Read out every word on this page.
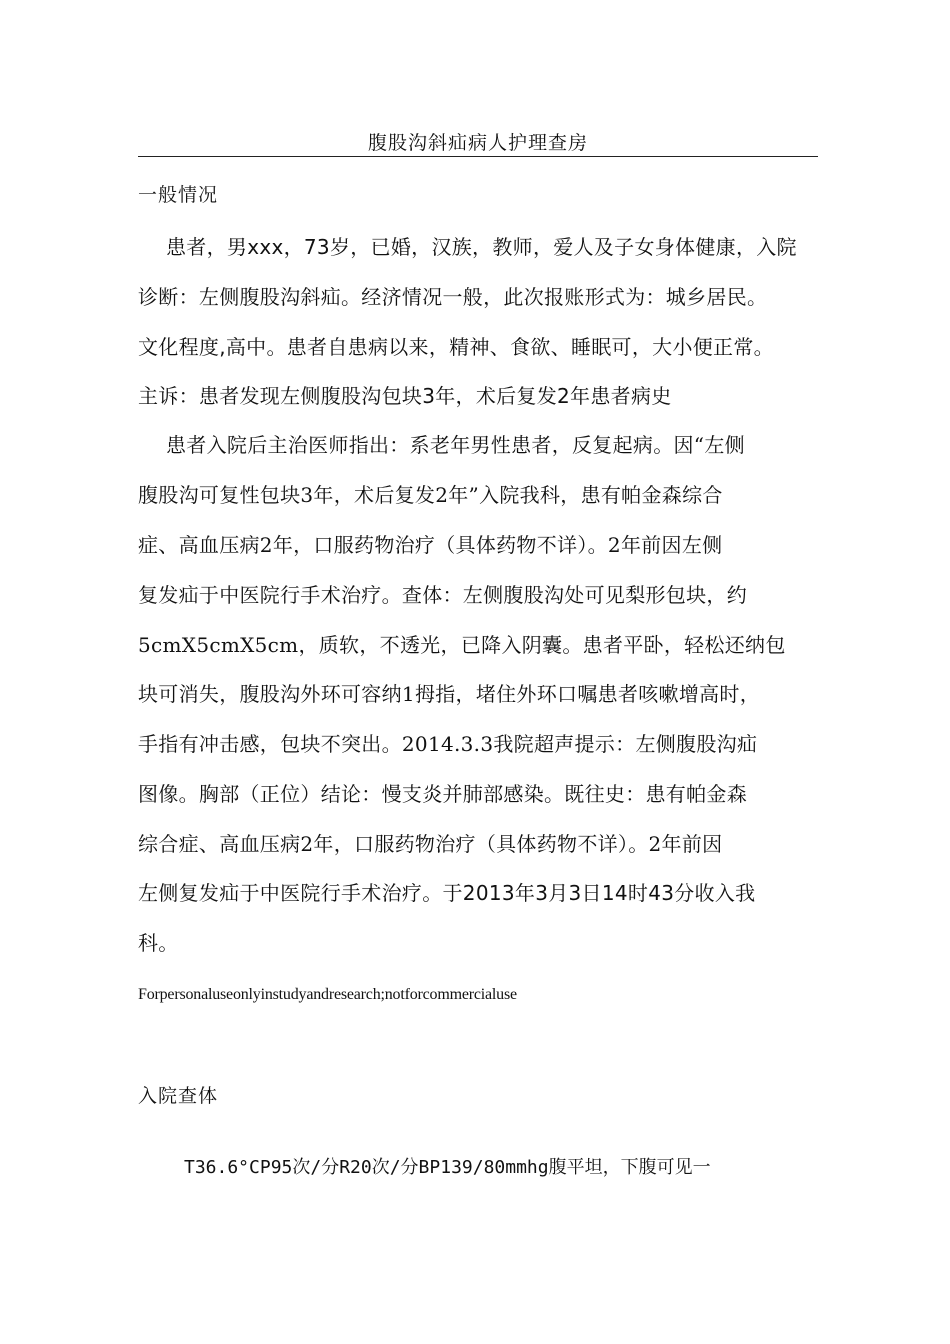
腹股沟斜疝病人护理查房
一般情况
患者，男xxx，73岁，已婚，汉族，教师，爱人及子女身体健康，入院
诊断：左侧腹股沟斜疝。经济情况一般，此次报账形式为：城乡居民。
文化程度,高中。患者自患病以来，精神、食欲、睡眠可，大小便正常。
主诉：患者发现左侧腹股沟包块3年，术后复发2年患者病史
患者入院后主治医师指出：系老年男性患者，反复起病。因“左侧
腹股沟可复性包块3年，术后复发2年”入院我科，患有帕金森综合
症、高血压病2年，口服药物治疗（具体药物不详）。2年前因左侧
复发疝于中医院行手术治疗。查体：左侧腹股沟处可见梨形包块，约
5cmX5cmX5cm，质软，不透光，已降入阴囊。患者平卧，轻松还纳包
块可消失，腹股沟外环可容纳1拇指，堵住外环口嘱患者咳嗽增高时，
手指有冲击感，包块不突出。2014.3.3我院超声提示：左侧腹股沟疝
图像。胸部（正位）结论：慢支炎并肺部感染。既往史：患有帕金森
综合症、高血压病2年，口服药物治疗（具体药物不详）。2年前因
左侧复发疝于中医院行手术治疗。于2013年3月3日14时43分收入我
科。
Forpersonaluseonlyinstudyandresearch;notforcommercialuse
入院查体
T36.6°CP95次/分R20次/分BP139/80mmhg腹平坦，下腹可见一
